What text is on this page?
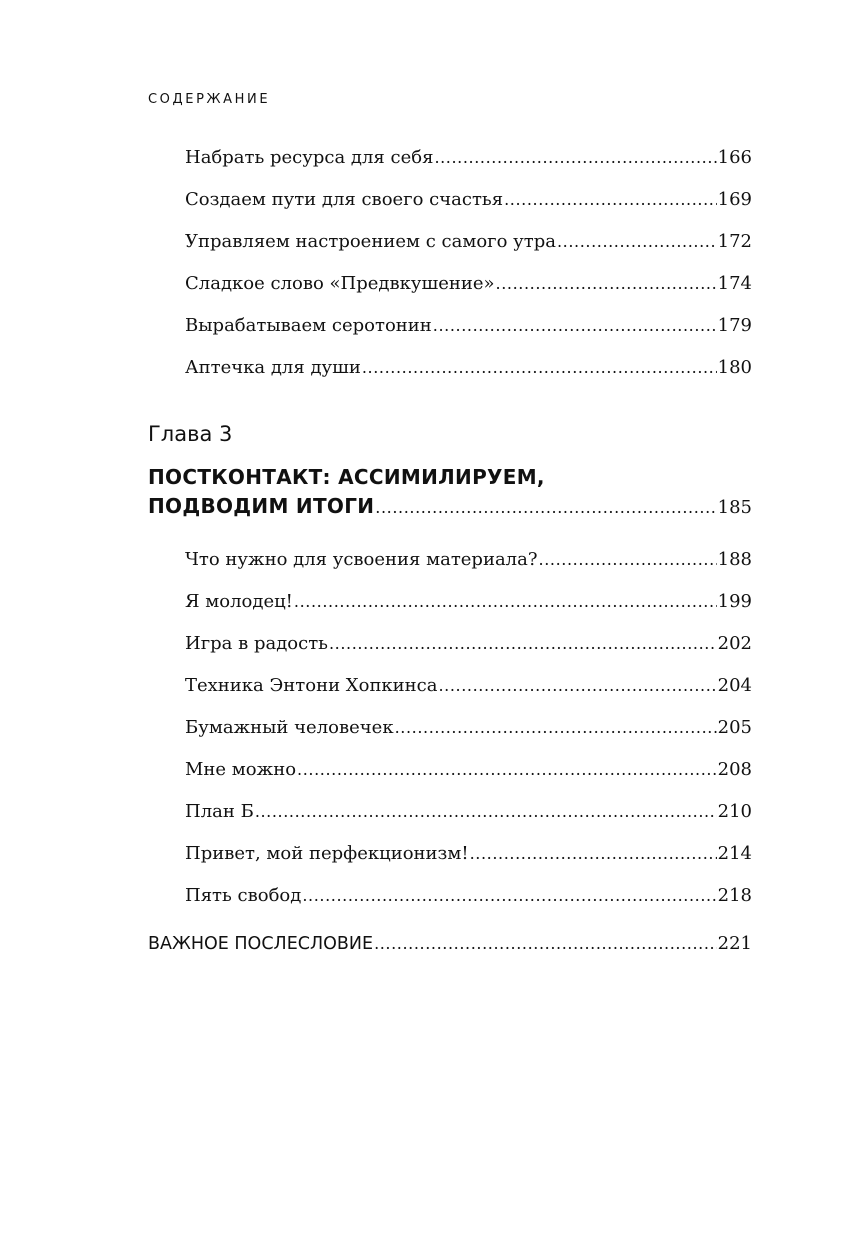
СОДЕРЖАНИЕ
Набрать ресурса для себя .....	166
Создаем пути для своего счастья .....	169
Управляем настроением с самого утра .....	172
Сладкое слово «Предвкушение» .....	174
Вырабатываем серотонин .....	179
Аптечка для души .....	180
Глава 3
ПОСТКОНТАКТ: АССИМИЛИРУЕМ,
ПОДВОДИМ ИТОГИ .....	185
Что нужно для усвоения материала? .....	188
Я молодец! .....	199
Игра в радость .....	202
Техника Энтони Хопкинса .....	204
Бумажный человечек .....	205
Мне можно .....	208
План Б .....	210
Привет, мой перфекционизм! .....	214
Пять свобод .....	218
ВАЖНОЕ ПОСЛЕСЛОВИЕ .....	221
